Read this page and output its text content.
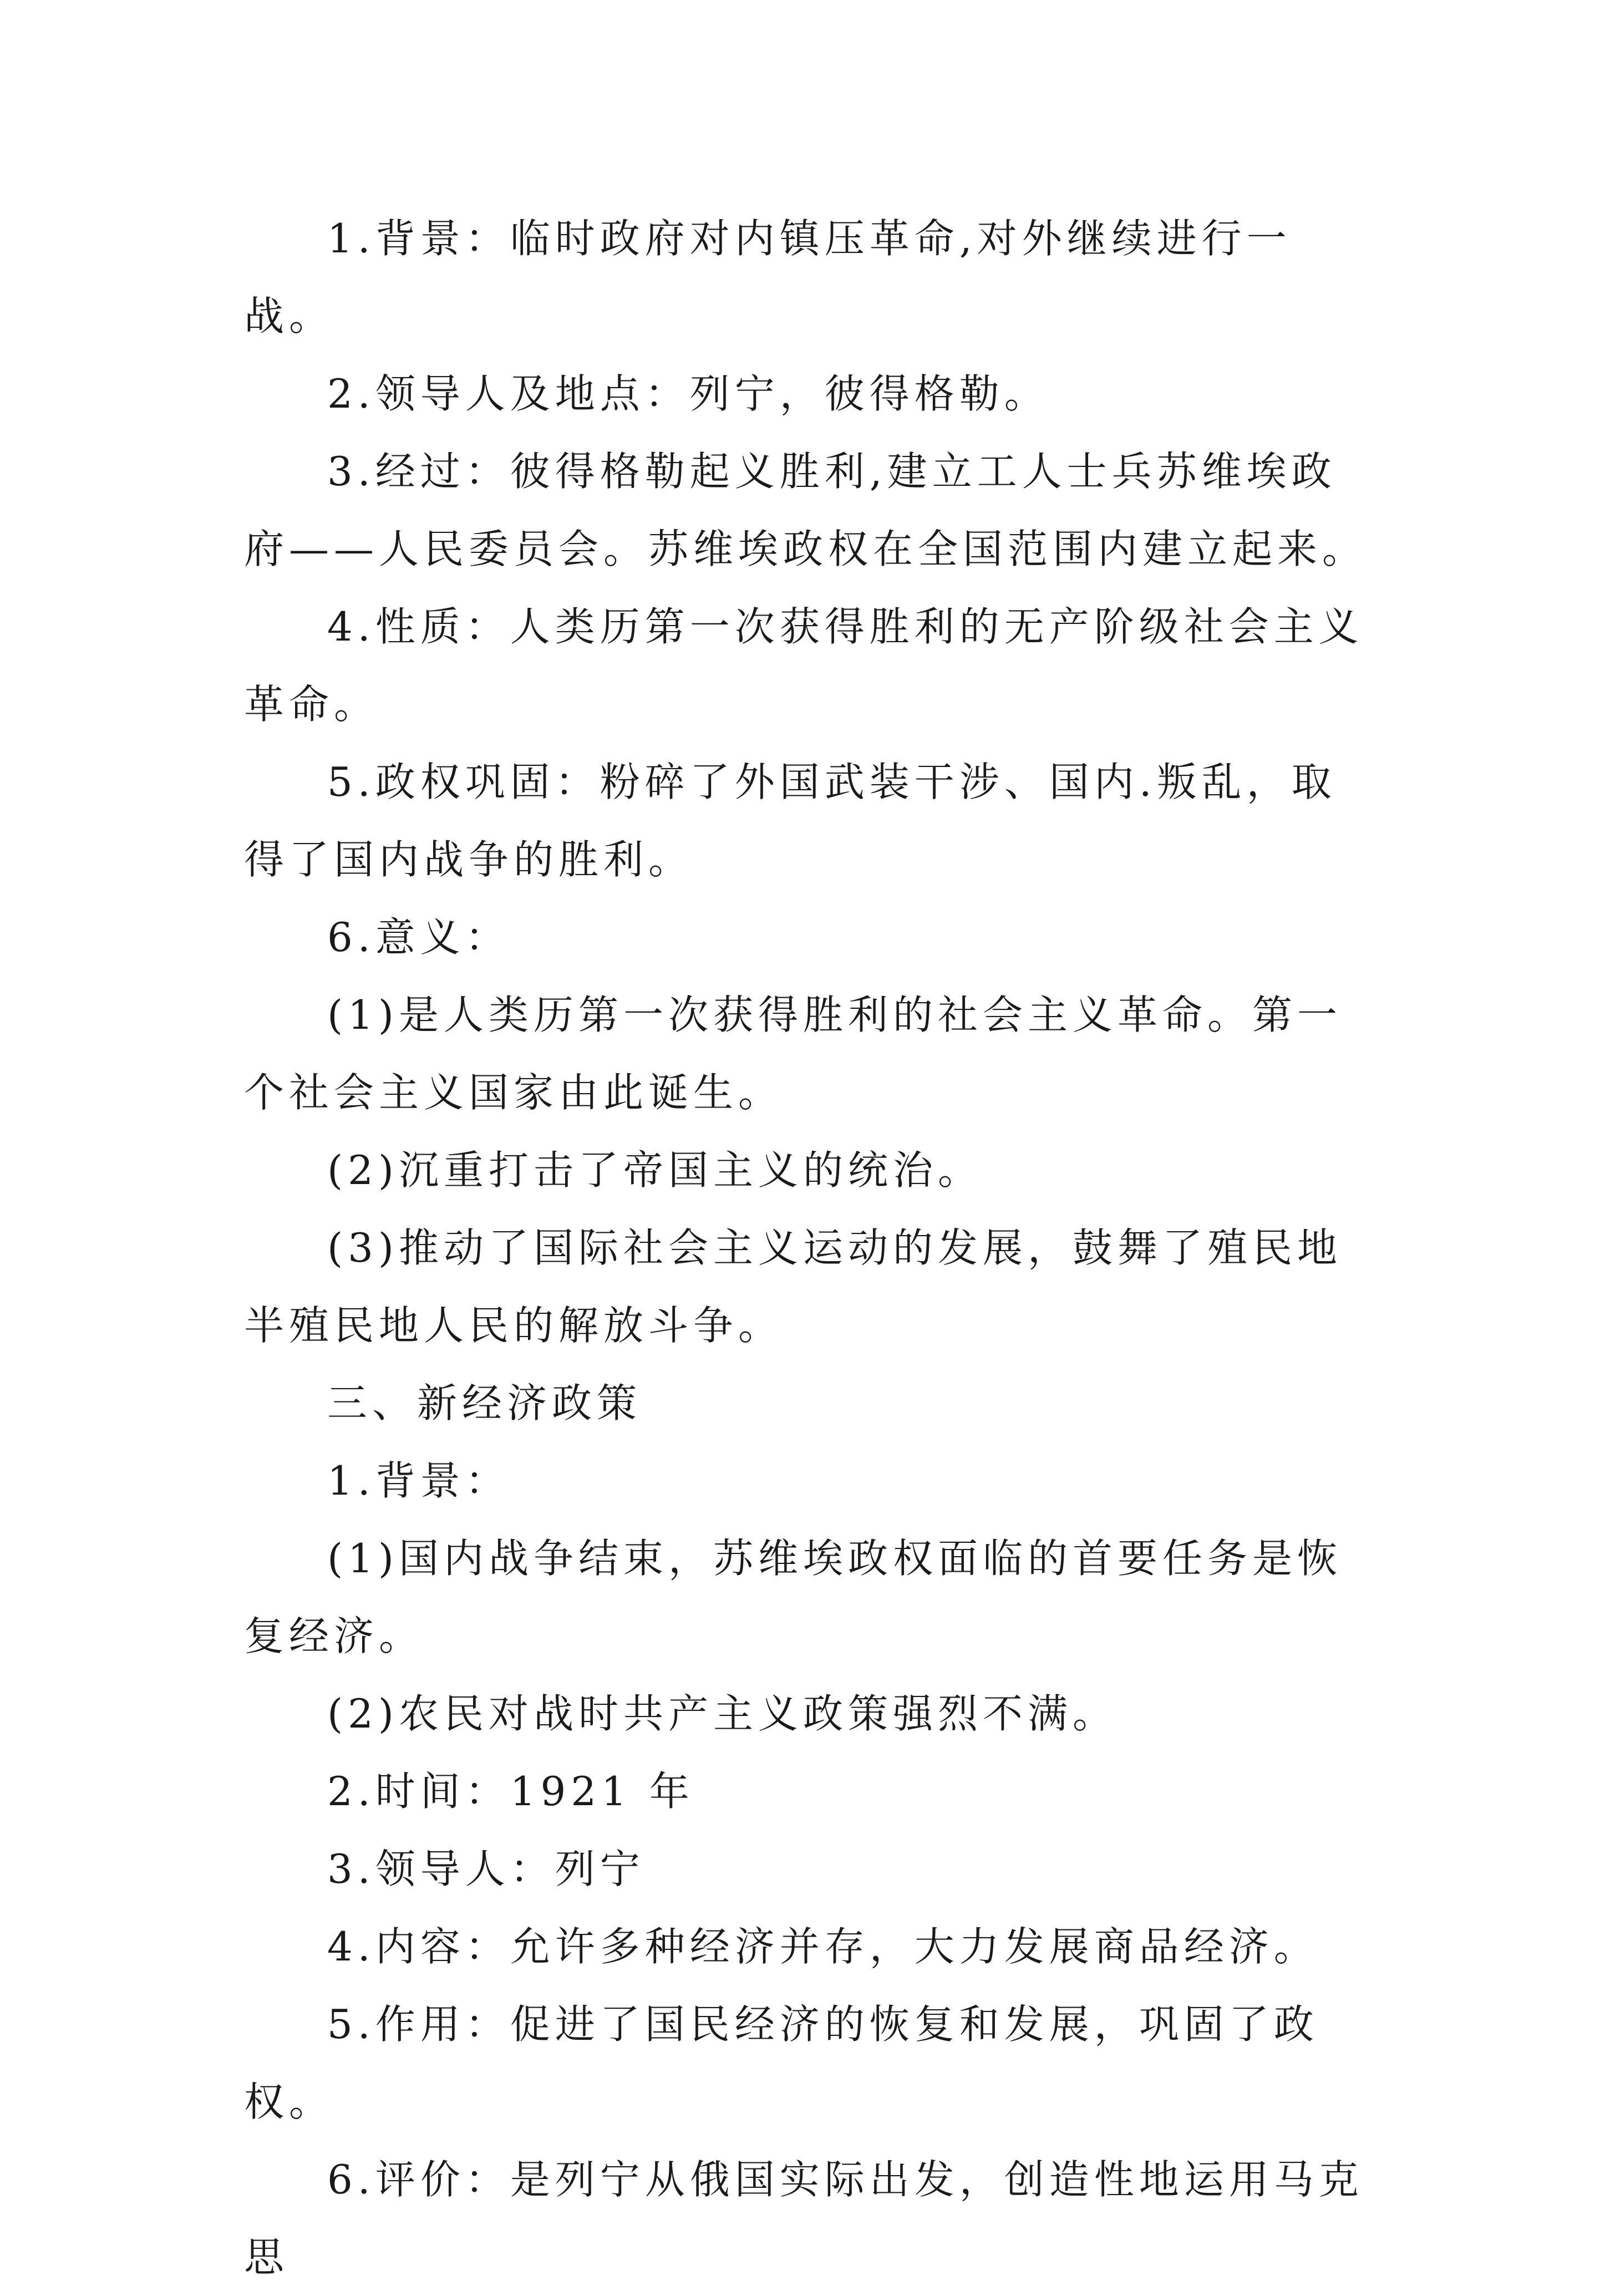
1.背景：临时政府对内镇压革命,对外继续进行一战。

2.领导人及地点：列宁，彼得格勒。

3.经过：彼得格勒起义胜利,建立工人士兵苏维埃政府——人民委员会。苏维埃政权在全国范围内建立起来。

4.性质：人类历第一次获得胜利的无产阶级社会主义革命。

5.政权巩固：粉碎了外国武装干涉、国内.叛乱，取得了国内战争的胜利。

6.意义：

(1)是人类历第一次获得胜利的社会主义革命。第一个社会主义国家由此诞生。

(2)沉重打击了帝国主义的统治。

(3)推动了国际社会主义运动的发展，鼓舞了殖民地半殖民地人民的解放斗争。

三、新经济政策

1.背景：

(1)国内战争结束，苏维埃政权面临的首要任务是恢复经济。

(2)农民对战时共产主义政策强烈不满。

2.时间：1921 年

3.领导人：列宁

4.内容：允许多种经济并存，大力发展商品经济。

5.作用：促进了国民经济的恢复和发展，巩固了政权。

6.评价：是列宁从俄国实际出发，创造性地运用马克思
